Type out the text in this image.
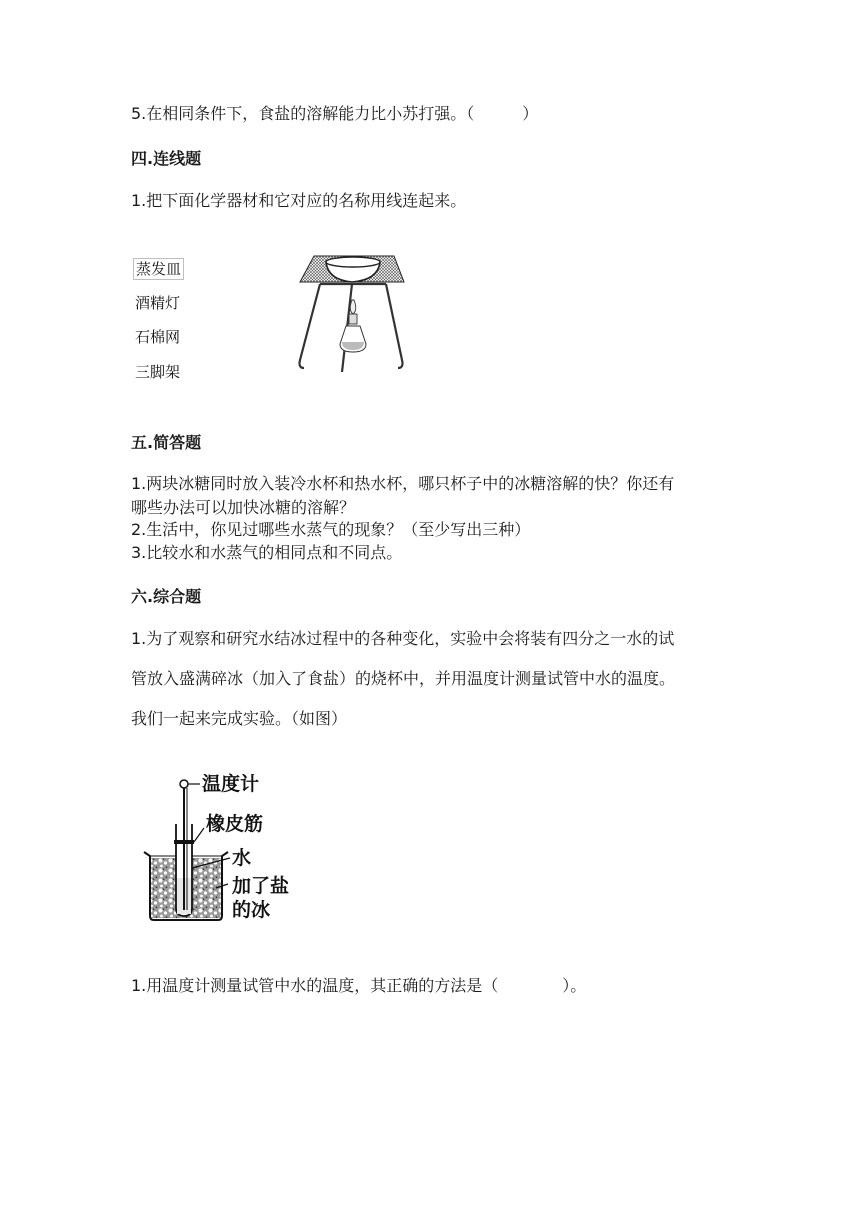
5.在相同条件下，食盐的溶解能力比小苏打强。（　　　）
四.连线题
1.把下面化学器材和它对应的名称用线连起来。
蒸发皿
酒精灯
石棉网
三脚架
五.简答题
1.两块冰糖同时放入装冷水杯和热水杯，哪只杯子中的冰糖溶解的快？你还有
哪些办法可以加快冰糖的溶解？
2.生活中，你见过哪些水蒸气的现象？（至少写出三种）
3.比较水和水蒸气的相同点和不同点。
六.综合题
1.为了观察和研究水结冰过程中的各种变化，实验中会将装有四分之一水的试
管放入盛满碎冰（加入了食盐）的烧杯中，并用温度计测量试管中水的温度。
我们一起来完成实验。（如图）
温度计
橡皮筋
水
加了盐
的冰
1.用温度计测量试管中水的温度，其正确的方法是（　　　　）。
